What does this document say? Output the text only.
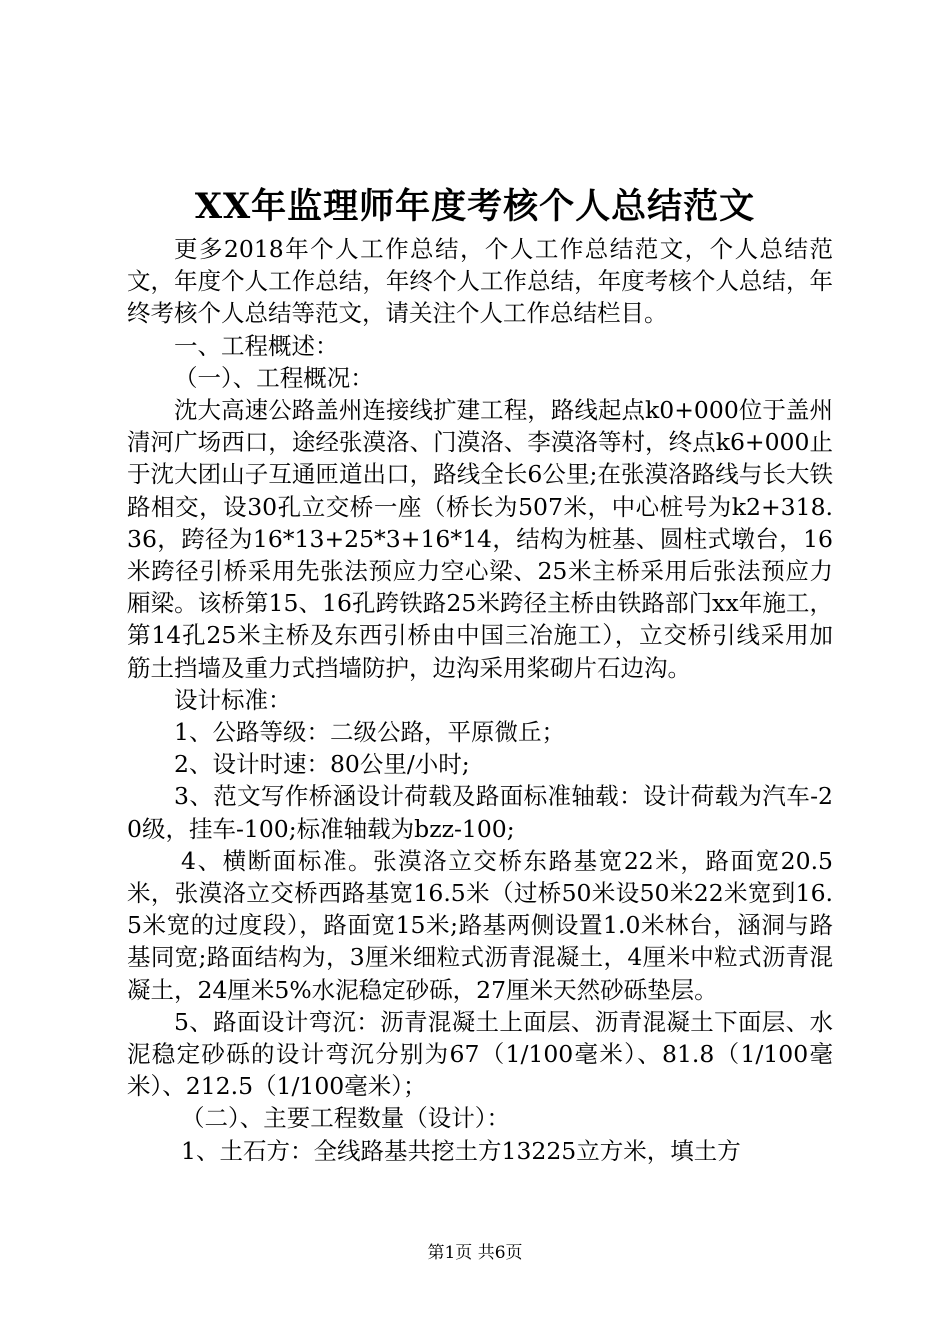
XX年监理师年度考核个人总结范文

更多2018年个人工作总结，个人工作总结范文，个人总结范文，年度个人工作总结，年终个人工作总结，年度考核个人总结，年终考核个人总结等范文，请关注个人工作总结栏目。

一、工程概述：

（一）、工程概况：

沈大高速公路盖州连接线扩建工程，路线起点k0+000位于盖州清河广场西口，途经张漠洛、门漠洛、李漠洛等村，终点k6+000止于沈大团山子互通匝道出口，路线全长6公里;在张漠洛路线与长大铁路相交，设30孔立交桥一座（桥长为507米，中心桩号为k2+318.36，跨径为16*13+25*3+16*14，结构为桩基、圆柱式墩台，16米跨径引桥采用先张法预应力空心梁、25米主桥采用后张法预应力厢梁。该桥第15、16孔跨铁路25米跨径主桥由铁路部门xx年施工，第14孔25米主桥及东西引桥由中国三冶施工），立交桥引线采用加筋土挡墙及重力式挡墙防护，边沟采用桨砌片石边沟。

设计标准：

1、公路等级：二级公路，平原微丘；

2、设计时速：80公里/小时;

3、范文写作桥涵设计荷载及路面标准轴载：设计荷载为汽车-20级，挂车-100;标准轴载为bzz-100;

4、横断面标准。张漠洛立交桥东路基宽22米，路面宽20.5米，张漠洛立交桥西路基宽16.5米（过桥50米设50米22米宽到16.5米宽的过度段），路面宽15米;路基两侧设置1.0米林台，涵洞与路基同宽;路面结构为，3厘米细粒式沥青混凝土，4厘米中粒式沥青混凝土，24厘米5%水泥稳定砂砾，27厘米天然砂砾垫层。

5、路面设计弯沉：沥青混凝土上面层、沥青混凝土下面层、水泥稳定砂砾的设计弯沉分别为67（1/100毫米）、81.8（1/100毫米）、212.5（1/100毫米）；

（二）、主要工程数量（设计）：

1、土石方：全线路基共挖土方13225立方米，填土方

第1页 共6页
